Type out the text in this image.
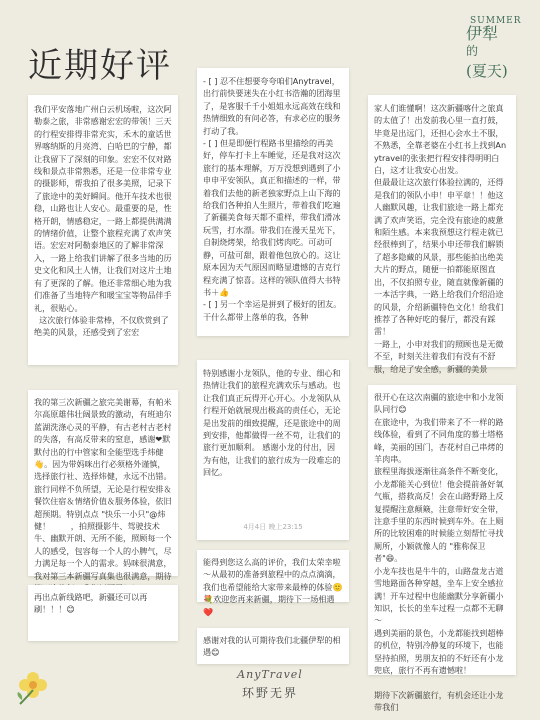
近期好评
SUMMER
伊犁
的
(夏天)
我们平安落地广州白云机场啦，这次阿勒泰之旅，非常感谢宏宏的带领！三天的行程安排得非常充实，禾木的童话世界喀纳斯的月亮湾、白哈巴的宁静，都让我留下了深刻的印象。宏宏不仅对路线和景点非常熟悉，还是一位非常专业的摄影师，帮我拍了很多美照，记录下了旅途中的美好瞬间。他开车技术也很稳，山路也让人安心。最重要的是，性格开朗，情感稳定，一路上都提供满满的情绪价值，让整个旅程充满了欢声笑语。宏宏对阿勒泰地区的了解非常深入，一路上给我们讲解了很多当地的历史文化和风土人情，让我们对这片土地有了更深的了解。他还非常细心地为我们准备了当地特产和暖宝宝等物品伴手礼，很贴心。
这次旅行体验非常棒，不仅欣赏到了绝美的风景，还感受到了宏宏
- [ ] 忍不住想要夸夸咱们Anytravel，出行前快要迷失在小红书浩瀚的团海里了，是客服千千小姐姐永远高效在线和热情细致的有问必答，有求必应的服务打动了我。
- [ ] 但是即便行程路书里描绘的再美好，停车打卡上车睡觉，还是我对这次旅行的基本理解，万万没想到遇到了小申申平安领队，真正和描述的一样，带着我们去他的新老独家野点上山下海的给我们各种拍人生照片，带着我们吃遍了新疆美食每天都不重样，带我们滑冰玩雪，打水漂。带我们在漫天星光下，自制烧烤架，给我们烤肉吃。可动可静，可盐可甜，跟着他包放心的。这让原本因为天气原因而略显遗憾的吉克行程充满了惊喜。这样的领队值得大书特书＋👍
- [ ] 另一个幸运是拼到了极好的团友。干什么都带上落单的我，各种
家人们谁懂啊！这次新疆喀什之旅真的太值了！出发前我心里一直打鼓，毕竟是出远门，还担心会水土不服，不熟悉，全靠老婆在小红书上找到Anytravel的张张把行程安排得明明白白，这才让我安心出发。
但最最让这次旅行体验拉满的，还得是我们的领队小申！申平章！！他这人幽默风趣，让我们旅途一路上都充满了欢声笑语，完全没有旅途的疲惫和陌生感。本来我预想这行程走就已经很棒到了，结果小申还带我们解锁了超多隐藏的风景，那些能拍出绝美大片的野点，随便一拍都能原图直出，不仅拍照专业，随直就像新疆的一本活字典，一路上给我们介绍沿途的风景，介绍新疆特色文化！给我们推荐了各种好吃的餐厅，都没有踩雷！
一路上，小申对我们的照顾也是无微不至，时刻关注着我们有没有不舒服，给足了安全感，新疆的美景
我的第三次新疆之旅完美谢幕，有帕米尔高原雄伟壮阔景致的激动，有班迪尔蓝湖洗涤心灵的平静，有古老村古老村的失落，有高反带来的窒息，感谢❤默默付出的行中管家和全能型选手炜健👋。因为带妈咪出行必须格外谨慎，选择旅行社、选择炜健，永远不出错。旅行同样不负所望，无论是行程安排＆餐饮住宿＆情绪价值＆服务体验，依旧超预期。特别点点 "快乐一小只"@炜健！        ，拍照摄影牛、驾驶技术牛、幽默开朗、无所不能，照顾每一个人的感受，包容每一个人的小脾气，尽力满足每一个人的需求。妈咪很满意，我对第三本新疆写真集也很满意，期待
特别感谢小龙领队，他的专业、细心和热情让我们的旅程充满欢乐与感动。也让我们真正玩得开心开心。小龙领队从行程开始就展现出极高的责任心，无论是出发前的细致提醒，还是旅途中的周到安排，他都做得一丝不苟，让我们的旅行更加顺利。 感谢小龙的付出，因为有他，让我们的旅行成为一段难忘的回忆。
4月4日 晚上23:15
再出点新线路吧，新疆还可以再刷！！！😊
能得到您这么高的评价，我们太荣幸啦～从最初的准备到旅程中的点点滴滴，我们也希望能给大家带来最棒的体验🙂💐欢迎您再来新疆，期待下一场相遇❤️
感谢对我的认可期待我们北疆伊犁的相遇😊
很开心在这次南疆的旅途中和小龙领队同行😊
在旅途中，为我们带来了不一样的路线体验，看到了不同角度的慕士塔格峰，美丽的国门，杏花村自己串烤的羊肉串。
旅程里海拔逐渐往高条件不断变化，小龙都能关心到位！他会提前备好氧气瓶，搭救高反！会在山路野路上反复提醒注意颠簸，注意带好安全带，注意手里的东西时候到车外。在上厕所的比较困难的时候能立刻帮忙寻找厕所，小颖就像人的 "雅称保卫者"😄。
小龙车技也是牛牛的，山路盘龙古道雪地路面各种穿越，坐车上安全感拉满！开车过程中也能幽默分享新疆小知识，长长的坐车过程一点都不无聊～
遇到美丽的景色，小龙都能找到超棒的机位，特别冷静复的环境下，也能坚持拍照，男朋友拍的不好还有小龙兜底，旅行不再有遗憾啦！

期待下次新疆旅行，有机会还让小龙带我们
AnyTravel
环野无界
